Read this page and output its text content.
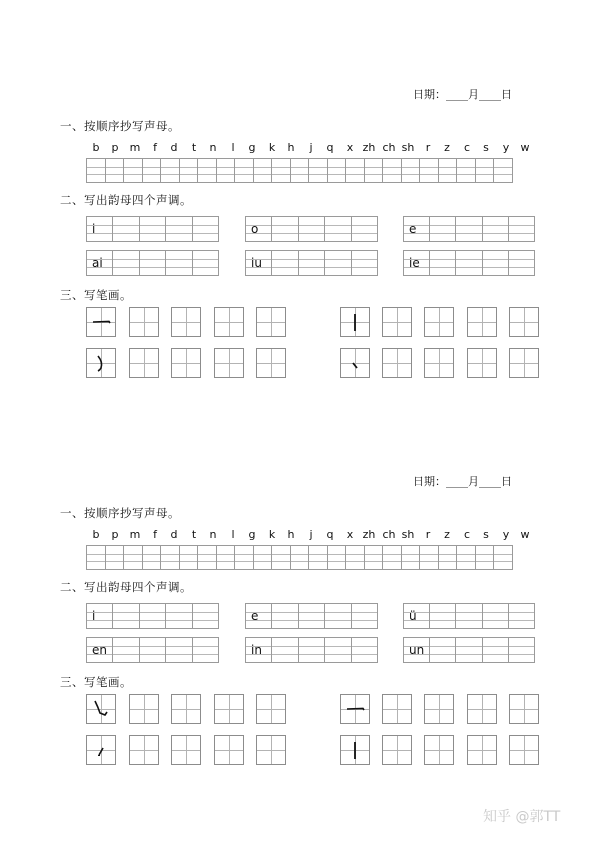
日期：____月____日
一、按顺序抄写声母。
二、写出韵母四个声调。
三、写笔画。
b	p	m	f	d	t	n	l	g	k	h	j	q	x zh ch sh	r	z	c	s	y	w
i	o	e
ai	iu	ie
日期：____月____日
一、按顺序抄写声母。
二、写出韵母四个声调。
三、写笔画。
b	p	m	f	d	t	n	l	g	k	h	j	q	x zh ch sh	r	z	c	s	y	w
i	e	ü
en	in	un
知乎 @郭TT
